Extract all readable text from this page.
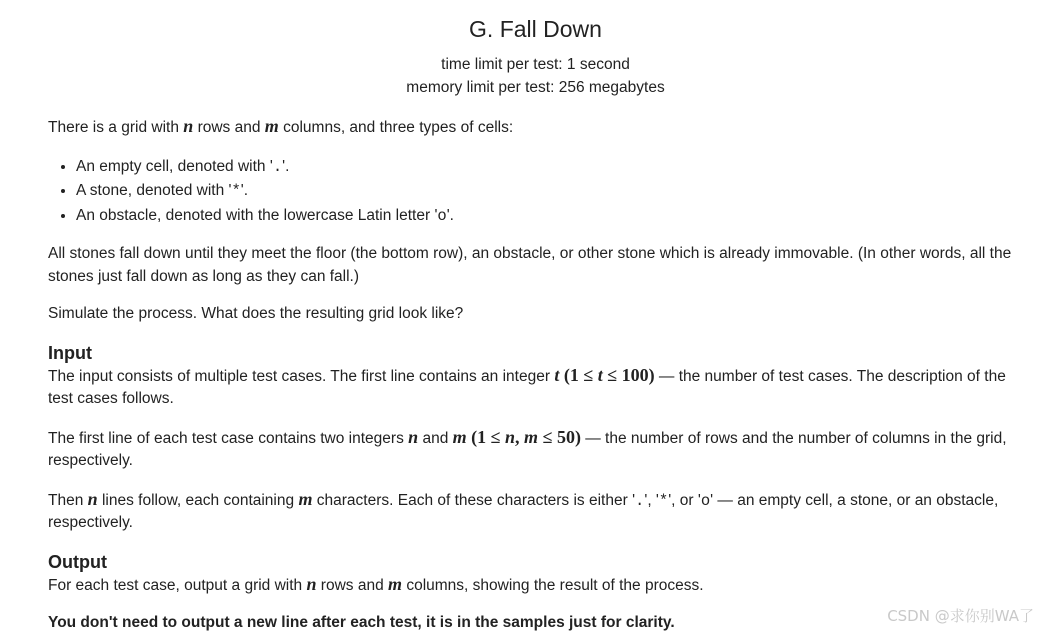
G. Fall Down
time limit per test: 1 second
memory limit per test: 256 megabytes

There is a grid with n rows and m columns, and three types of cells:

• An empty cell, denoted with '.'.
• A stone, denoted with '*'.
• An obstacle, denoted with the lowercase Latin letter 'o'.

All stones fall down until they meet the floor (the bottom row), an obstacle, or other stone which is already immovable. (In other words, all the stones just fall down as long as they can fall.)

Simulate the process. What does the resulting grid look like?

Input

The input consists of multiple test cases. The first line contains an integer t (1 ≤ t ≤ 100) — the number of test cases. The description of the test cases follows.

The first line of each test case contains two integers n and m (1 ≤ n, m ≤ 50) — the number of rows and the number of columns in the grid, respectively.

Then n lines follow, each containing m characters. Each of these characters is either '.', '*', or 'o' — an empty cell, a stone, or an obstacle, respectively.

Output

For each test case, output a grid with n rows and m columns, showing the result of the process.

You don't need to output a new line after each test, it is in the samples just for clarity.	CSDN @求你别WA了
